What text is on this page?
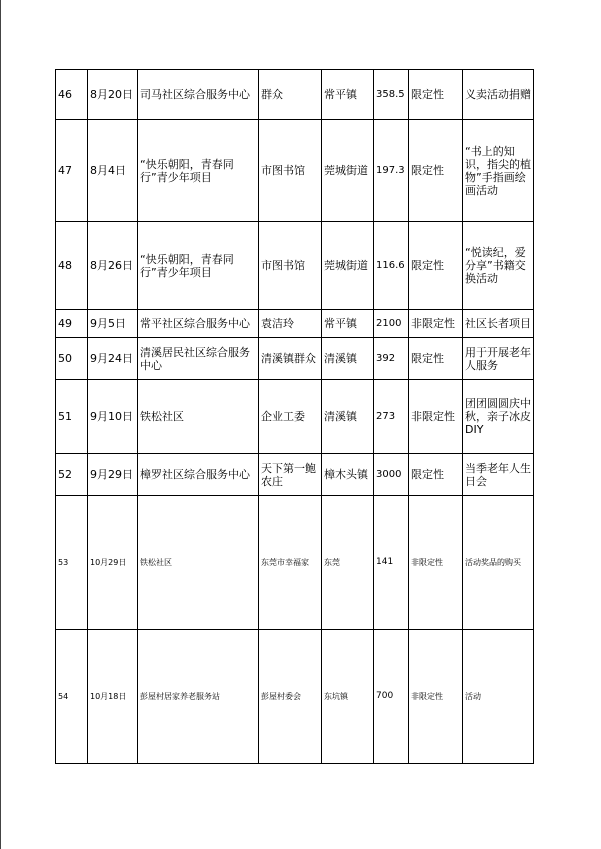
46	8月20日	司马社区综合服务中心	群众	常平镇	358.5	限定性	义卖活动捐赠
47	8月4日	“快乐朝阳，青春同行”青少年项目	市图书馆	莞城街道	197.3	限定性	“书上的知识，指尖的植物”手指画绘画活动
48	8月26日	“快乐朝阳，青春同行”青少年项目	市图书馆	莞城街道	116.6	限定性	“悦读纪，爱分享”书籍交换活动
49	9月5日	常平社区综合服务中心	袁洁玲	常平镇	2100	非限定性	社区长者项目
50	9月24日	清溪居民社区综合服务中心	清溪镇群众	清溪镇	392	限定性	用于开展老年人服务
51	9月10日	铁松社区	企业工委	清溪镇	273	非限定性	团团圆圆庆中秋，亲子冰皮DIY
52	9月29日	樟罗社区综合服务中心	天下第一鲍农庄	樟木头镇	3000	限定性	当季老年人生日会
53	10月29日	铁松社区	东莞市幸福家	东莞	141	非限定性	活动奖品的购买
54	10月18日	彭屋村居家养老服务站	彭屋村委会	东坑镇	700	非限定性	活动
